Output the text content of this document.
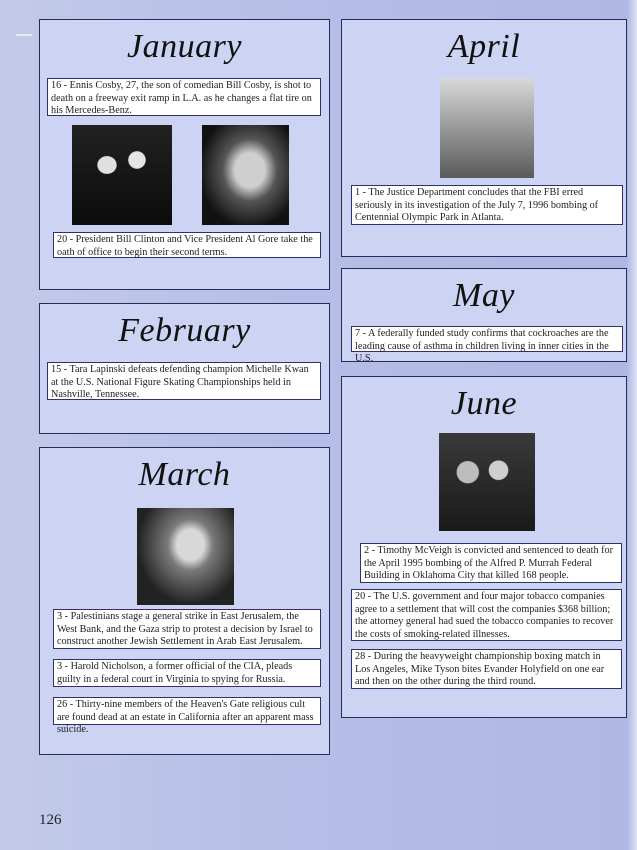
January
16 - Ennis Cosby, 27, the son of comedian Bill Cosby, is shot to death on a freeway exit ramp in L.A. as he changes a flat tire on his Mercedes-Benz.
20 - President Bill Clinton and Vice President Al Gore take the oath of office to begin their second terms.
February
15 - Tara Lapinski defeats defending champion Michelle Kwan at the U.S. National Figure Skating Championships held in Nashville, Tennessee.
March
3 - Palestinians stage a general strike in East Jerusalem, the West Bank, and the Gaza strip to protest a decision by Israel to construct another Jewish Settlement in Arab East Jerusalem.
3 - Harold Nicholson, a former official of the CIA, pleads guilty in a federal court in Virginia to spying for Russia.
26 - Thirty-nine members of the Heaven's Gate religious cult are found dead at an estate in California after an apparent mass suicide.
April
1 - The Justice Department concludes that the FBI erred seriously in its investigation of the July 7, 1996 bombing of Centennial Olympic Park in Atlanta.
May
7 - A federally funded study confirms that cockroaches are the leading cause of asthma in children living in inner cities in the U.S.
June
2 - Timothy McVeigh is convicted and sentenced to death for the April 1995 bombing of the Alfred P. Murrah Federal Building in Oklahoma City that killed 168 people.
20 - The U.S. government and four major tobacco companies agree to a settlement that will cost the companies $368 billion; the attorney general had sued the tobacco companies to recover the costs of smoking-related illnesses.
28 - During the heavyweight championship boxing match in Los Angeles, Mike Tyson bites Evander Holyfield on one ear and then on the other during the third round.
126
